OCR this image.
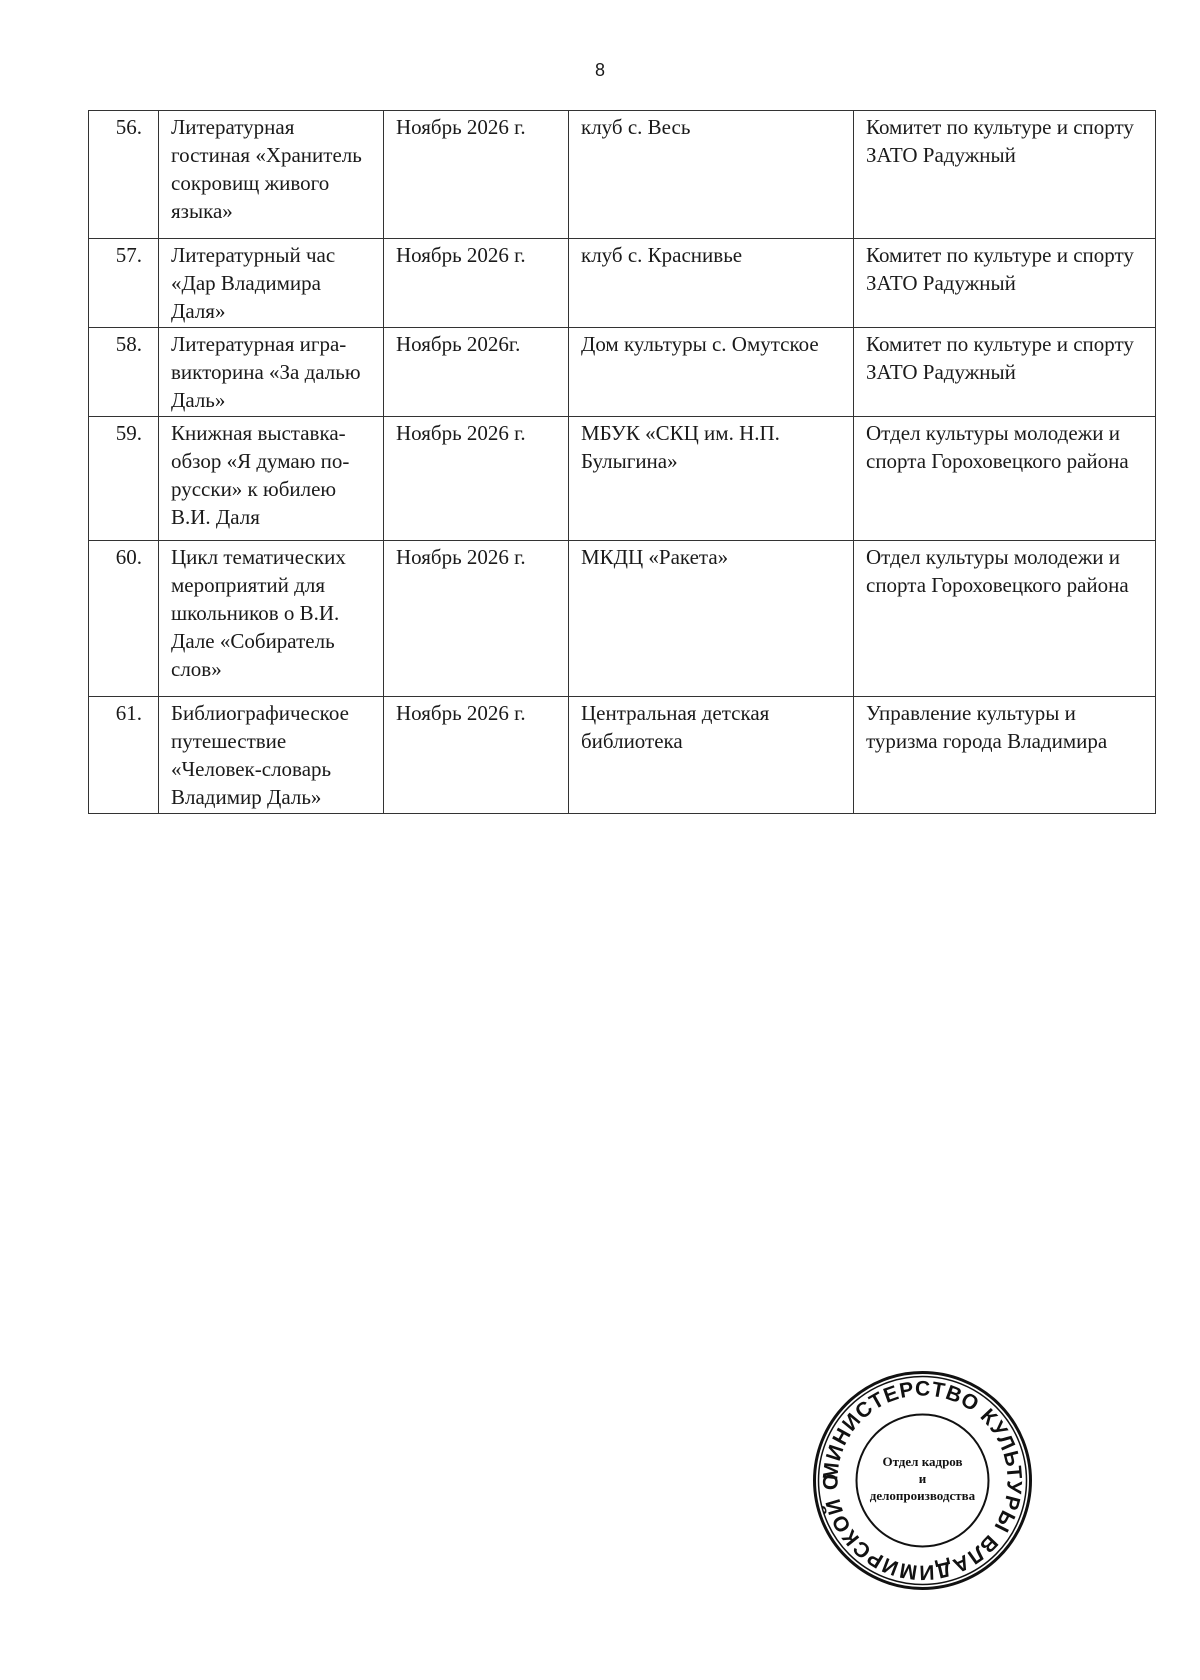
8
56.	Литературная гостиная «Хранитель сокровищ живого языка»	Ноябрь 2026 г.	клуб с. Весь	Комитет по культуре и спорту ЗАТО Радужный
57.	Литературный час «Дар Владимира Даля»	Ноябрь 2026 г.	клуб с. Краснивье	Комитет по культуре и спорту ЗАТО Радужный
58.	Литературная игра-викторина «За далью Даль»	Ноябрь 2026г.	Дом культуры с. Омутское	Комитет по культуре и спорту ЗАТО Радужный
59.	Книжная выставка-обзор «Я думаю по-русски» к юбилею В.И. Даля	Ноябрь 2026 г.	МБУК «СКЦ им. Н.П. Булыгина»	Отдел культуры молодежи и спорта Гороховецкого района
60.	Цикл тематических мероприятий для школьников о В.И. Дале «Собиратель слов»	Ноябрь 2026 г.	МКДЦ «Ракета»	Отдел культуры молодежи и спорта Гороховецкого района
61.	Библиографическое путешествие «Человек-словарь Владимир Даль»	Ноябрь 2026 г.	Центральная детская библиотека	Управление культуры и туризма города Владимира
МИНИСТЕРСТВО КУЛЬТУРЫ ВЛАДИМИРСКОЙ О
Отдел кадров
и
делопроизводства
